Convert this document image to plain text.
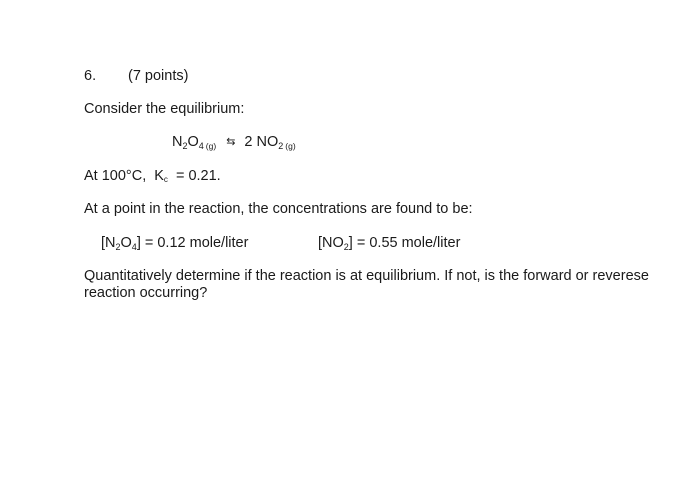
6. (7 points)
Consider the equilibrium:
$N_2O_4$ $_{(g)}$ ⇆ 2 $NO_2$ $_{(g)}$
At 100°C, Kc = 0.21.
At a point in the reaction, the concentrations are found to be:
$[N_2O_4] = 0.12$ mole/liter	$[NO_2] = 0.55$ mole/liter
Quantitatively determine if the reaction is at equilibrium. If not, is the forward or reverese reaction occurring?
